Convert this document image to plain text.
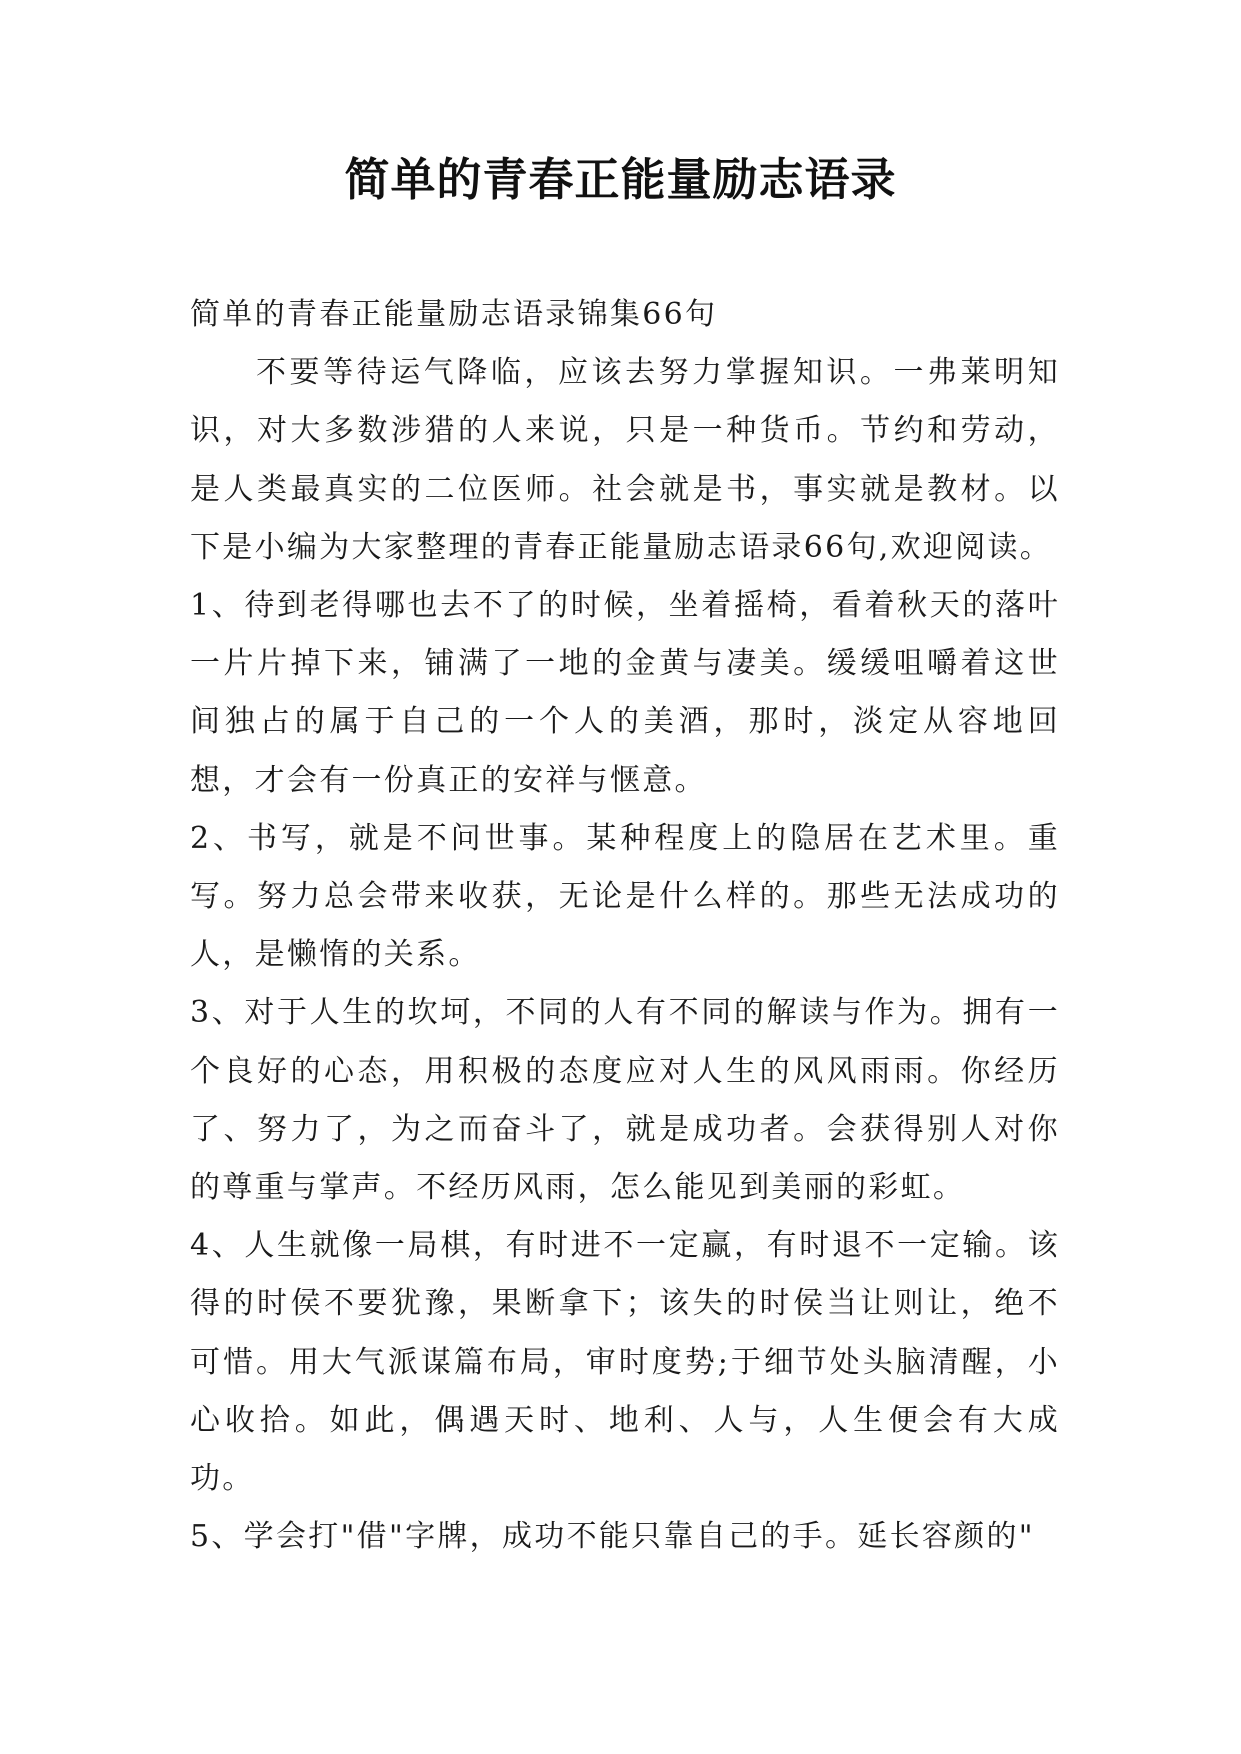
简单的青春正能量励志语录

简单的青春正能量励志语录锦集66句

不要等待运气降临，应该去努力掌握知识。一弗莱明知识，对大多数涉猎的人来说，只是一种货币。节约和劳动，是人类最真实的二位医师。社会就是书，事实就是教材。以下是小编为大家整理的青春正能量励志语录66句,欢迎阅读。

1、待到老得哪也去不了的时候，坐着摇椅，看着秋天的落叶一片片掉下来，铺满了一地的金黄与凄美。缓缓咀嚼着这世间独占的属于自己的一个人的美酒，那时，淡定从容地回想，才会有一份真正的安祥与惬意。

2、书写，就是不问世事。某种程度上的隐居在艺术里。重写。努力总会带来收获，无论是什么样的。那些无法成功的人，是懒惰的关系。

3、对于人生的坎坷，不同的人有不同的解读与作为。拥有一个良好的心态，用积极的态度应对人生的风风雨雨。你经历了、努力了，为之而奋斗了，就是成功者。会获得别人对你的尊重与掌声。不经历风雨，怎么能见到美丽的彩虹。

4、人生就像一局棋，有时进不一定赢，有时退不一定输。该得的时侯不要犹豫，果断拿下；该失的时侯当让则让，绝不可惜。用大气派谋篇布局，审时度势;于细节处头脑清醒，小心收拾。如此，偶遇天时、地利、人与，人生便会有大成功。

5、学会打"借"字牌，成功不能只靠自己的手。延长容颜的"
